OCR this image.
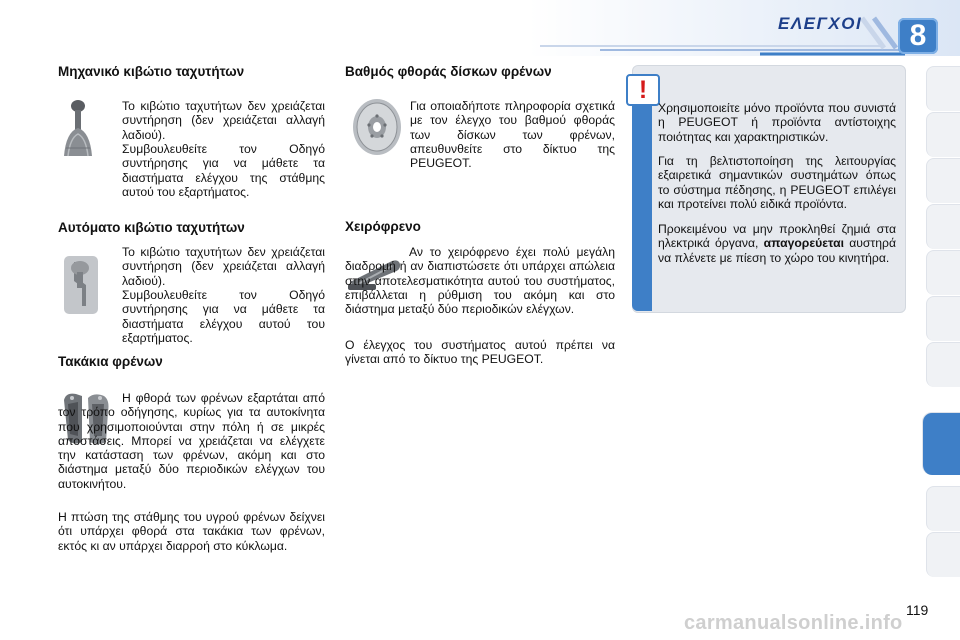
ΕΛΕΓΧΟΙ	8
Μηχανικό κιβώτιο ταχυτήτων

Το κιβώτιο ταχυτήτων δεν χρειάζεται συντήρηση (δεν χρειάζεται αλλαγή λαδιού).

Συμβουλευθείτε τον Οδηγό συντήρησης για να μάθετε τα διαστήματα ελέγχου της στάθμης αυτού του εξαρτήματος.

Αυτόματο κιβώτιο ταχυτήτων

Το κιβώτιο ταχυτήτων δεν χρειάζεται συντήρηση (δεν χρειάζεται αλλαγή λαδιού).

Συμβουλευθείτε τον Οδηγό συντήρησης για να μάθετε τα διαστήματα ελέγχου αυτού του εξαρτήματος.

Τακάκια φρένων

Η φθορά των φρένων εξαρτάται από τον τρόπο οδήγησης, κυρίως για τα αυτοκίνητα που χρησιμοποιούνται στην πόλη ή σε μικρές αποστάσεις. Μπορεί να χρειάζεται να ελέγχετε την κατάσταση των φρένων, ακόμη και στο διάστημα μεταξύ δύο περιοδικών ελέγχων του αυτοκινήτου.

Η πτώση της στάθμης του υγρού φρένων δείχνει ότι υπάρχει φθορά στα τακάκια των φρένων, εκτός κι αν υπάρχει διαρροή στο κύκλωμα.

Βαθμός φθοράς δίσκων φρένων

Για οποιαδήποτε πληροφορία σχετικά με τον έλεγχο του βαθμού φθοράς των δίσκων των φρένων, απευθυνθείτε στο δίκτυο της PEUGEOT.

Χειρόφρενο

Αν το χειρόφρενο έχει πολύ μεγάλη διαδρομή ή αν διαπιστώσετε ότι υπάρχει απώλεια στην αποτελεσματικότητα αυτού του συστήματος, επιβάλλεται η ρύθμιση του ακόμη και στο διάστημα μεταξύ δύο περιοδικών ελέγχων.

Ο έλεγχος του συστήματος αυτού πρέπει να γίνεται από το δίκτυο της PEUGEOT.

!

Χρησιμοποιείτε μόνο προϊόντα που συνιστά η PEUGEOT ή προϊόντα αντίστοιχης ποιότητας και χαρακτηριστικών.

Για τη βελτιστοποίηση της λειτουργίας εξαιρετικά σημαντικών συστημάτων όπως το σύστημα πέδησης, η PEUGEOT επιλέγει και προτείνει πολύ ειδικά προϊόντα.

Προκειμένου να μην προκληθεί ζημιά στα ηλεκτρικά όργανα, απαγορεύεται αυστηρά να πλένετε με πίεση το χώρο του κινητήρα.

119
carmanualsonline.info
